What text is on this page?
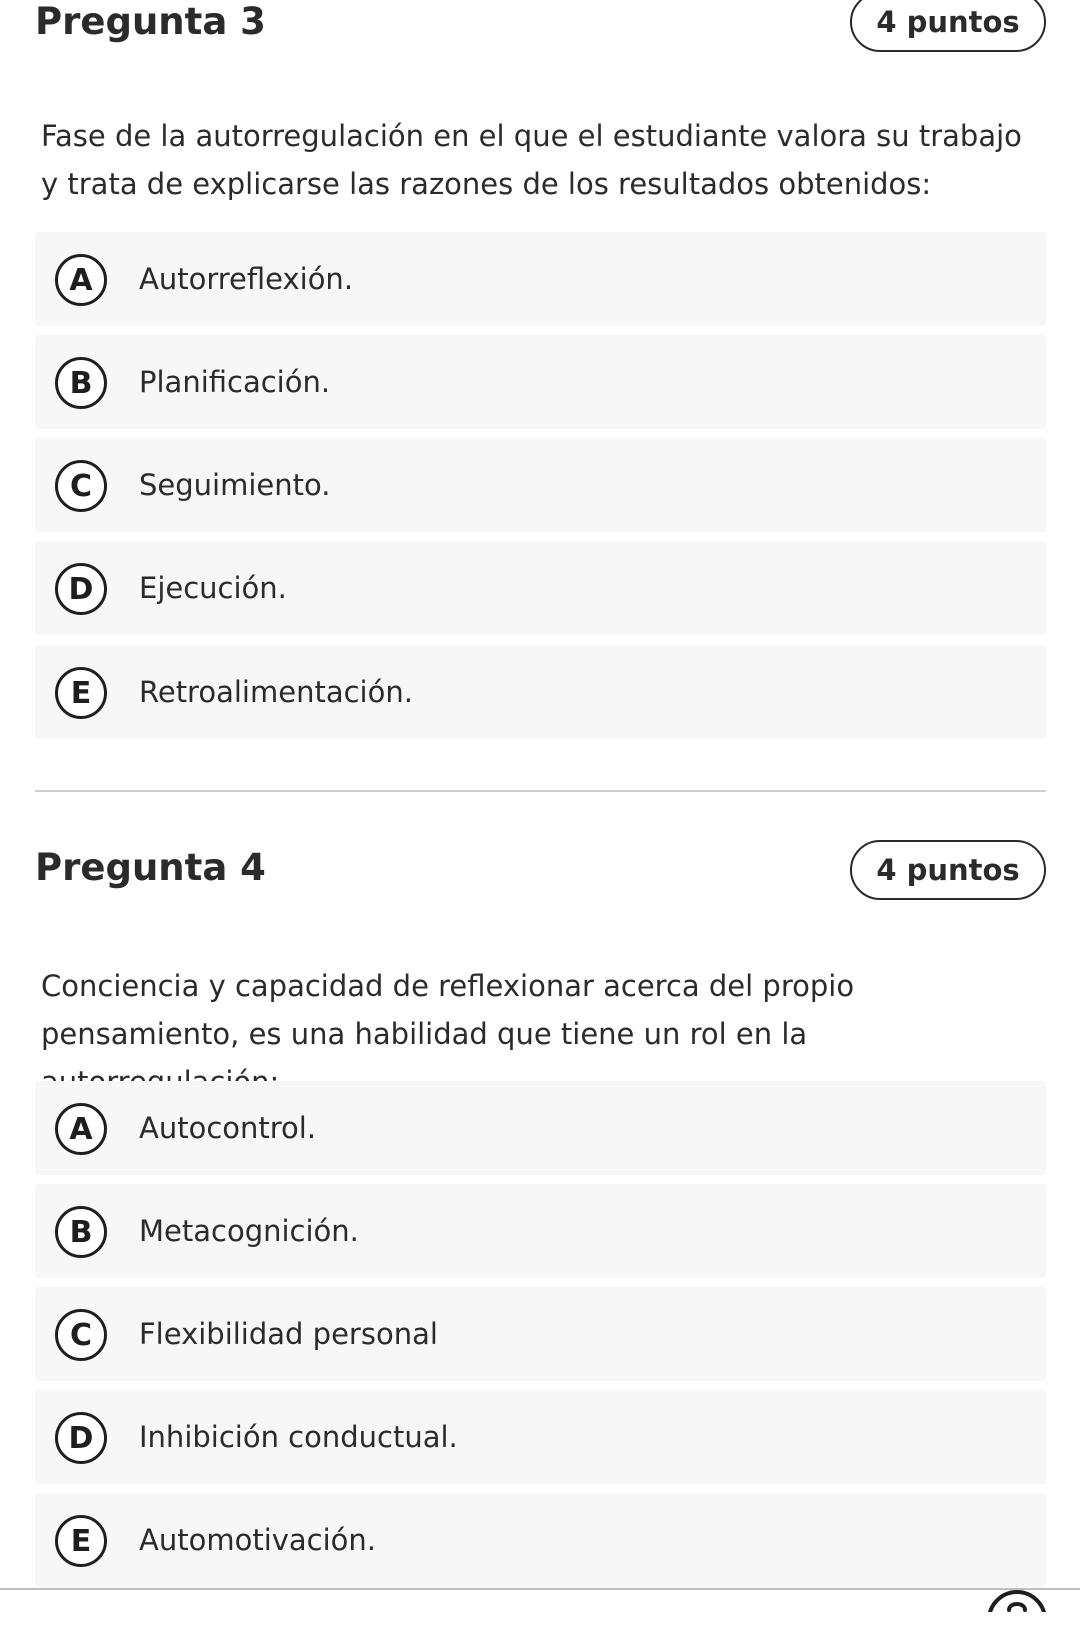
Pregunta 3	4 puntos
Fase de la autorregulación en el que el estudiante valora su trabajo y trata de explicarse las razones de los resultados obtenidos:
A	Autorreflexión.
B	Planificación.
C	Seguimiento.
D	Ejecución.
E	Retroalimentación.
Pregunta 4	4 puntos
Conciencia y capacidad de reflexionar acerca del propio pensamiento, es una habilidad que tiene un rol en la
A	Autocontrol.
B	Metacognición.
C	Flexibilidad personal
D	Inhibición conductual.
E	Automotivación.
